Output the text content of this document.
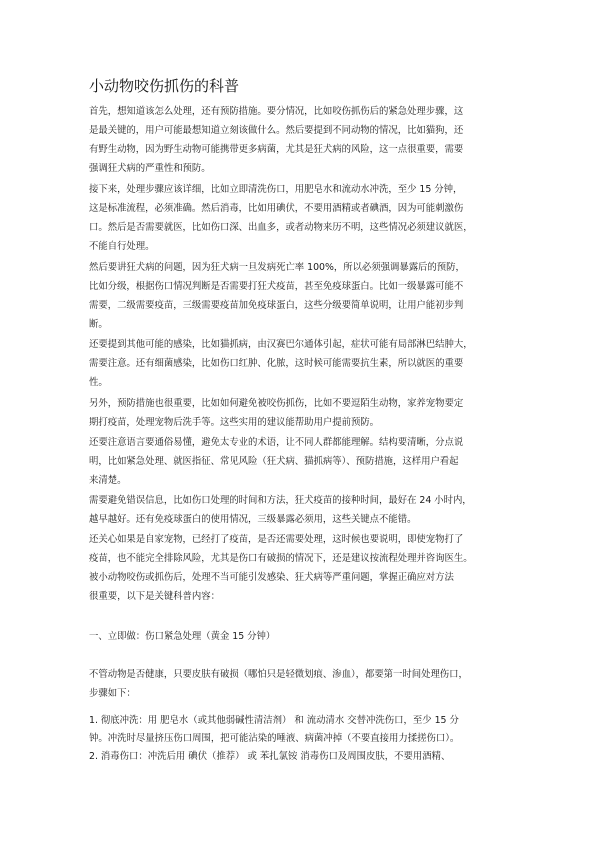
小动物咬伤抓伤的科普
首先，想知道该怎么处理，还有预防措施。要分情况，比如咬伤抓伤后的紧急处理步骤，这
是最关键的，用户可能最想知道立刻该做什么。然后要提到不同动物的情况，比如猫狗，还
有野生动物，因为野生动物可能携带更多病菌，尤其是狂犬病的风险，这一点很重要，需要
强调狂犬病的严重性和预防。
接下来，处理步骤应该详细，比如立即清洗伤口，用肥皂水和流动水冲洗，至少 15 分钟，
这是标准流程，必须准确。然后消毒，比如用碘伏，不要用酒精或者碘酒，因为可能刺激伤
口。然后是否需要就医，比如伤口深、出血多，或者动物来历不明，这些情况必须建议就医，
不能自行处理。
然后要讲狂犬病的问题，因为狂犬病一旦发病死亡率 100%，所以必须强调暴露后的预防，
比如分级，根据伤口情况判断是否需要打狂犬疫苗，甚至免疫球蛋白。比如一级暴露可能不
需要，二级需要疫苗，三级需要疫苗加免疫球蛋白，这些分级要简单说明，让用户能初步判
断。
还要提到其他可能的感染，比如猫抓病，由汉赛巴尔通体引起，症状可能有局部淋巴结肿大，
需要注意。还有细菌感染，比如伤口红肿、化脓，这时候可能需要抗生素，所以就医的重要
性。
另外，预防措施也很重要，比如如何避免被咬伤抓伤，比如不要逗陌生动物，家养宠物要定
期打疫苗，处理宠物后洗手等。这些实用的建议能帮助用户提前预防。
还要注意语言要通俗易懂，避免太专业的术语，让不同人群都能理解。结构要清晰，分点说
明，比如紧急处理、就医指征、常见风险（狂犬病、猫抓病等）、预防措施，这样用户看起
来清楚。
需要避免错误信息，比如伤口处理的时间和方法，狂犬疫苗的接种时间，最好在 24 小时内，
越早越好。还有免疫球蛋白的使用情况，三级暴露必须用，这些关键点不能错。
还关心如果是自家宠物，已经打了疫苗，是否还需要处理，这时候也要说明，即使宠物打了
疫苗，也不能完全排除风险，尤其是伤口有破损的情况下，还是建议按流程处理并咨询医生。
被小动物咬伤或抓伤后，处理不当可能引发感染、狂犬病等严重问题，掌握正确应对方法
很重要，以下是关键科普内容：
一、立即做：伤口紧急处理（黄金 15 分钟）
不管动物是否健康，只要皮肤有破损（哪怕只是轻微划痕、渗血），都要第一时间处理伤口，
步骤如下：
1. 彻底冲洗：用 肥皂水（或其他弱碱性清洁剂） 和 流动清水 交替冲洗伤口，至少 15 分
钟。冲洗时尽量挤压伤口周围，把可能沾染的唾液、病菌冲掉（不要直接用力揉搓伤口）。
2. 消毒伤口：冲洗后用 碘伏（推荐） 或 苯扎氯铵 消毒伤口及周围皮肤，不要用酒精、
